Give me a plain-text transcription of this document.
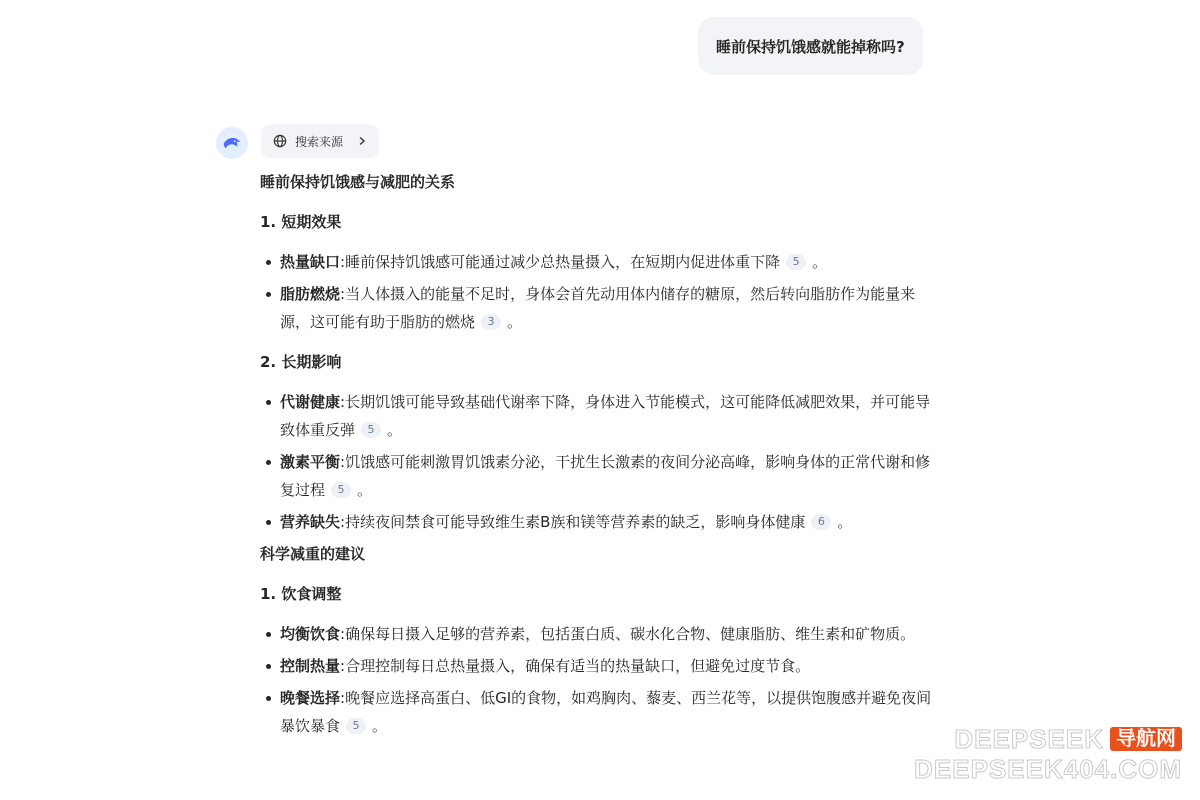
睡前保持饥饿感就能掉称吗?
搜索来源
睡前保持饥饿感与减肥的关系
1. 短期效果
热量缺口:睡前保持饥饿感可能通过减少总热量摄入，在短期内促进体重下降 5 。
脂肪燃烧:当人体摄入的能量不足时，身体会首先动用体内储存的糖原，然后转向脂肪作为能量来源，这可能有助于脂肪的燃烧 3 。
2. 长期影响
代谢健康:长期饥饿可能导致基础代谢率下降，身体进入节能模式，这可能降低减肥效果，并可能导致体重反弹 5 。
激素平衡:饥饿感可能刺激胃饥饿素分泌，干扰生长激素的夜间分泌高峰，影响身体的正常代谢和修复过程 5 。
营养缺失:持续夜间禁食可能导致维生素B族和镁等营养素的缺乏，影响身体健康 6 。
科学减重的建议
1. 饮食调整
均衡饮食:确保每日摄入足够的营养素，包括蛋白质、碳水化合物、健康脂肪、维生素和矿物质。
控制热量:合理控制每日总热量摄入，确保有适当的热量缺口，但避免过度节食。
晚餐选择:晚餐应选择高蛋白、低GI的食物，如鸡胸肉、藜麦、西兰花等，以提供饱腹感并避免夜间暴饮暴食 5 。	DEEPSEEK 导航网
DEEPSEEK404.COM
